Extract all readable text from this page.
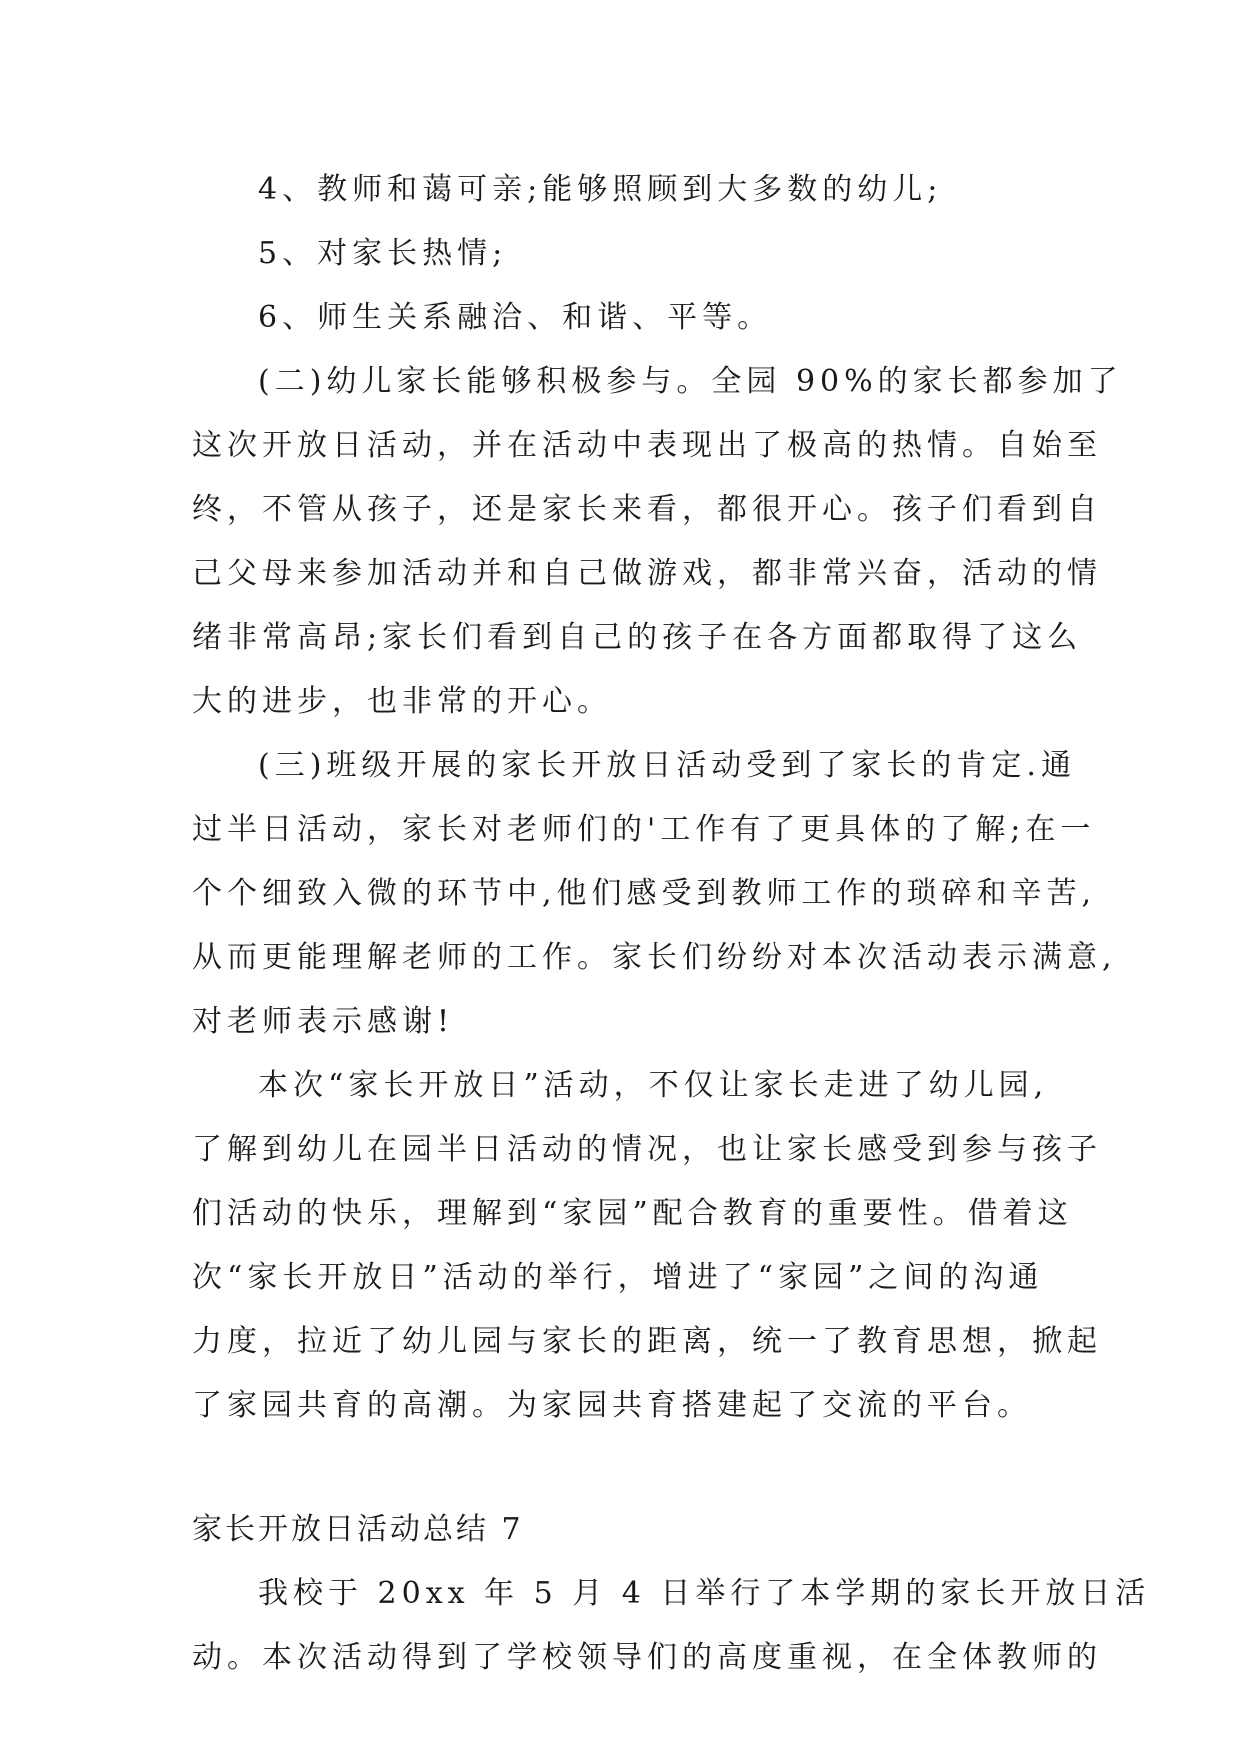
4、教师和蔼可亲;能够照顾到大多数的幼儿;
5、对家长热情;
6、师生关系融洽、和谐、平等。
(二)幼儿家长能够积极参与。全园 90%的家长都参加了
这次开放日活动，并在活动中表现出了极高的热情。自始至
终，不管从孩子，还是家长来看，都很开心。孩子们看到自
己父母来参加活动并和自己做游戏，都非常兴奋，活动的情
绪非常高昂;家长们看到自己的孩子在各方面都取得了这么
大的进步，也非常的开心。
(三)班级开展的家长开放日活动受到了家长的肯定.通
过半日活动，家长对老师们的'工作有了更具体的了解;在一
个个细致入微的环节中,他们感受到教师工作的琐碎和辛苦,
从而更能理解老师的工作。家长们纷纷对本次活动表示满意,
对老师表示感谢!
本次“家长开放日”活动，不仅让家长走进了幼儿园,
了解到幼儿在园半日活动的情况，也让家长感受到参与孩子
们活动的快乐，理解到“家园”配合教育的重要性。借着这
次“家长开放日”活动的举行，增进了“家园”之间的沟通
力度，拉近了幼儿园与家长的距离，统一了教育思想，掀起
了家园共育的高潮。为家园共育搭建起了交流的平台。
家长开放日活动总结 7
我校于 20xx 年 5 月 4 日举行了本学期的家长开放日活
动。本次活动得到了学校领导们的高度重视，在全体教师的
